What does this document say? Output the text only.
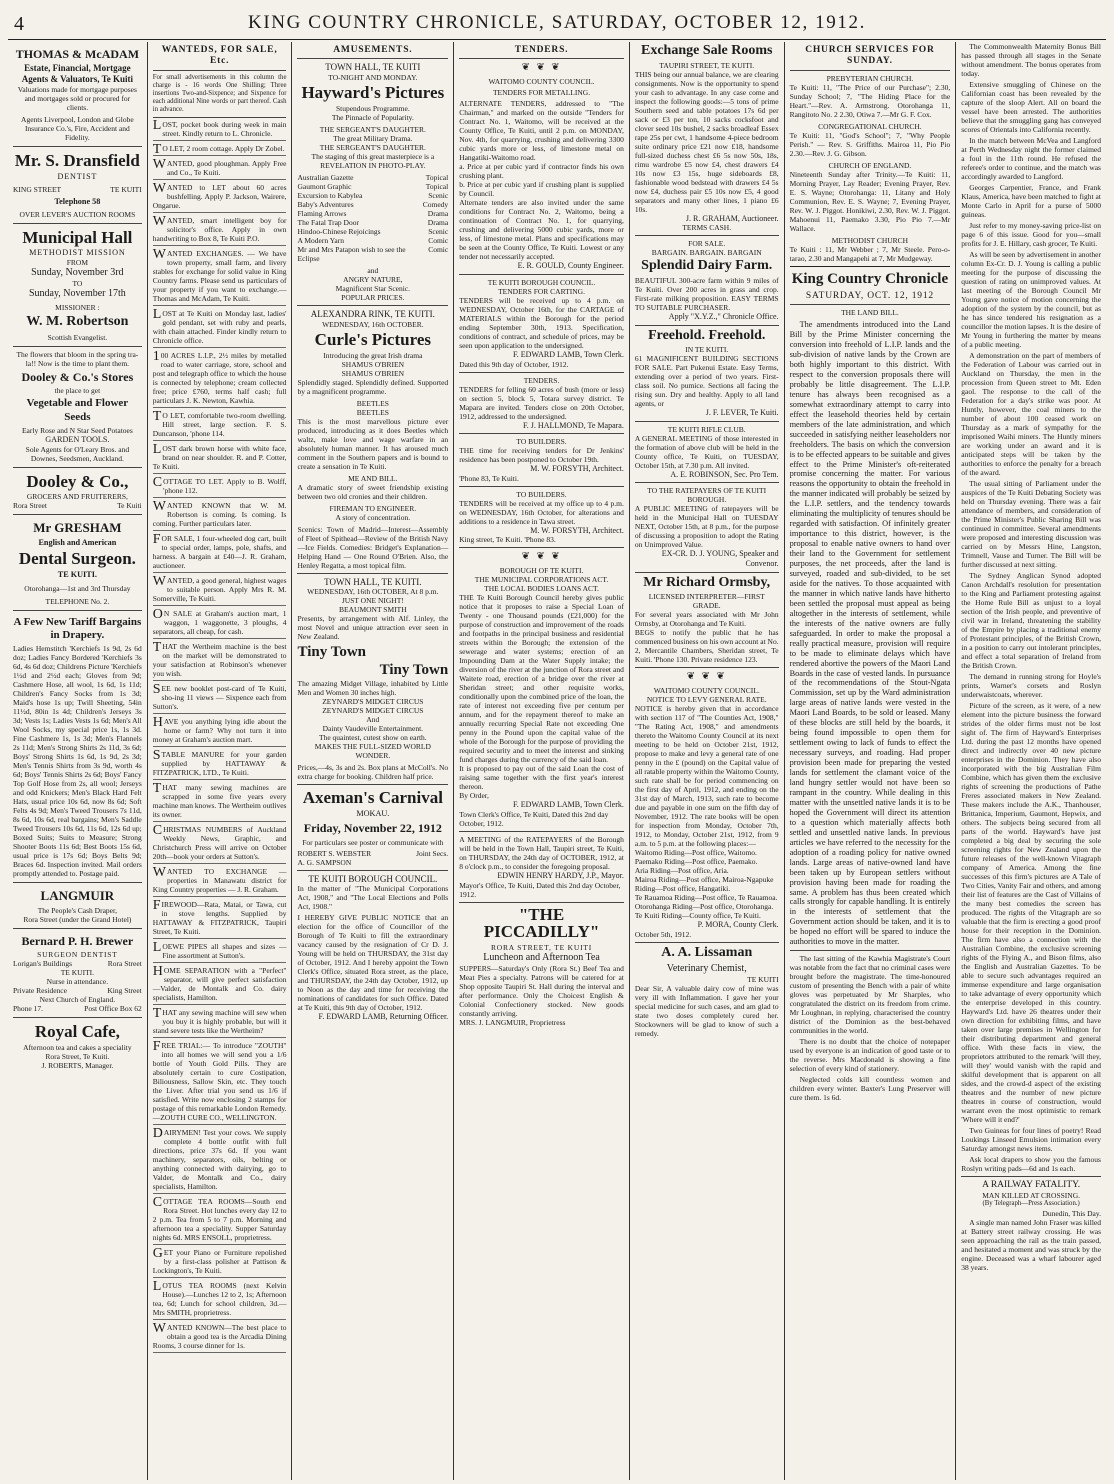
4	KING COUNTRY CHRONICLE, SATURDAY, OCTOBER 12, 1912.
THOMAS & McADAM
Estate, Financial, Mortgage Agents & Valuators, Te Kuiti
Valuations made for mortgage purposes and mortgages sold or procured for clients.
Agents Liverpool, London and Globe Insurance Co.'s, Fire, Accident and Fidelity.
Mr. S. Dransfield
DENTIST
KING STREET	TE KUITI
Telephone 58
OVER LEVER'S AUCTION ROOMS
Municipal Hall
METHODIST MISSION
FROM
Sunday, November 3rd
TO
Sunday, November 17th
MISSIONER :
W. M. Robertson
Scottish Evangelist.
The flowers that bloom in the spring tra-la!! Now is the time to plant them.
Dooley & Co.'s Stores
the place to get
Vegetable and Flower Seeds
Early Rose and N Star Seed Potatoes
GARDEN TOOLS.
Sole Agents for O'Leary Bros. and Downes, Seedsmen, Auckland.
Dooley & Co.,
GROCERS AND FRUITERERS,
Rora Street	Te Kuiti
Mr GRESHAM
English and American
Dental Surgeon.
TE KUITI.
Otorohanga—1st and 3rd Thursday
TELEPHONE No. 2.
A Few New Tariff Bargains in Drapery.
Ladies Hemstitch 'Kerchiefs 1s 9d, 2s 6d doz; Ladies Fancy Bordered 'Kerchiefs 3s 6d, 4s 6d doz; Childrens Picture 'Kerchiefs 1½d and 2½d each; Gloves from 9d; Cashmere Hose, all wool, 1s 6d, 1s 11d; Children's Fancy Socks from 1s 3d; Maid's hose 1s up; Twill Sheeting, 54in 11½d, 80in 1s 4d; Children's Jerseys 3s 3d; Vests 1s; Ladies Vests 1s 6d; Men's All Wool Socks, my special price 1s, 1s 3d. Fine Cashmere 1s, 1s 3d; Men's Flannels 2s 11d; Men's Strong Shirts 2s 11d, 3s 6d; Boys' Strong Shirts 1s 6d, 1s 9d, 2s 3d; Men's Tennis Shirts from 3s 9d, worth 4s 6d; Boys' Tennis Shirts 2s 6d; Boys' Fancy Top Golf Hose from 2s, all wool; Jerseys and odd Knickers; Men's Black Hard Felt Hats, usual price 10s 6d, now 8s 6d; Soft Felts 4s 9d; Men's Tweed Trousers 7s 11d, 8s 6d, 10s 6d, real bargains; Men's Saddle Tweed Trousers 10s 6d, 11s 6d, 12s 6d up; Boxed Suits; Suits to Measure; Strong Shooter Boots 11s 6d; Best Boots 15s 6d, usual price is 17s 6d; Boys Belts 9d; Braces 6d. Inspection invited. Mail orders promptly attended to. Postage paid.
LANGMUIR
The People's Cash Draper,
Rora Street (under the Grand Hotel)
Bernard P. H. Brewer
SURGEON DENTIST
Lorigan's Buildings	Rora Street
TE KUITI.
Nurse in attendance.
Private Residence	King Street
Next Church of England.
Phone 17.	Post Office Box 62
Royal Cafe,
Afternoon tea and cakes a speciality
Rora Street, Te Kuiti.
J. ROBERTS, Manager.
WANTEDS, FOR SALE, Etc.
For small advertisements in this column the charge is - 16 words One Shilling; Three insertions Two-and-Sixpence; and Sixpence for each additional Nine words or part thereof. Cash in advance.
LOST, pocket book during week in main street. Kindly return to L. Chronicle.
TO LET, 2 room cottage. Apply Dr Zobel.
WANTED, good ploughman. Apply Free and Co., Te Kuiti.
WANTED to LET about 60 acres bushfelling. Apply P. Jackson, Wairere, Ongarue.
WANTED, smart intelligent boy for solicitor's office. Apply in own handwriting to Box 8, Te Kuiti P.O.
WANTED EXCHANGES. — We have town property, small farm, and livery stables for exchange for solid value in King Country farms. Please send us particulars of your property if you want to exchange.— Thomas and McAdam, Te Kuiti.
LOST at Te Kuiti on Monday last, ladies' gold pendant, set with ruby and pearls, with chain attached. Finder kindly return to Chronicle office.
100 ACRES L.I.P., 2½ miles by metalled road to water carriage, store, school and post and telegraph office to which the house is connected by telephone; cream collected free; price £760, terms half cash; full particulars J. K. Newton, Kawhia.
TO LET, comfortable two-room dwelling. Hill street, large section. F. S. Duncanson, 'phone 114.
LOST dark brown horse with white face, brand on near shoulder. R. and P. Cotter, Te Kuiti.
COTTAGE TO LET. Apply to B. Wolff, 'phone 112.
WANTED KNOWN that W. M. Robertson is coming. Is coming. Is coming. Further particulars later.
FOR SALE, 1 four-wheeled dog cart, built to special order, lamps, pole, shafts, and harness. A bargain at £40—J. R. Graham, auctioneer.
WANTED, a good general, highest wages to suitable person. Apply Mrs R. M. Somerville, Te Kuiti.
ON SALE at Graham's auction mart, 1 waggon, 1 waggonette, 3 ploughs, 4 separators, all cheap, for cash.
THAT the Wertheim machine is the best on the market will be demonstrated to your satisfaction at Robinson's whenever you wish.
SEE new booklet post-card of Te Kuiti, sho-ing 11 views — Sixpence each from Sutton's.
HAVE you anything lying idle about the home or farm? Why not turn it into money at Graham's auction mart.
STABLE MANURE for your garden supplied by HATTAWAY & FITZPATRICK, LTD., Te Kuiti.
THAT many sewing machines are scrapped in some five years every machine man knows. The Wertheim outlives its owner.
CHRISTMAS NUMBERS of Auckland Weekly News, Graphic, and Christchurch Press will arrive on October 20th—book your orders at Sutton's.
WANTED TO EXCHANGE — properties in Manawatu district for King Country properties — J. R. Graham.
FIREWOOD—Rata, Matai, or Tawa, cut in stove lengths. Supplied by HATTAWAY & FITZPATRICK, Taupiri Street, Te Kuiti.
LOEWE PIPES all shapes and sizes —Fine assortment at Sutton's.
HOME SEPARATION with a "Perfect" separator, will give perfect satisfaction—Valder, de Montalk and Co. dairy specialists, Hamilton.
THAT any sewing machine will sew when you buy it is highly probable, but will it stand severe tests like the Wertheim?
FREE TRIAL:— To introduce "ZOUTH" into all homes we will send you a 1/6 bottle of Youth Gold Pills. They are absolutely certain to cure Costipation, Biliousness, Sallow Skin, etc. They touch the Liver. After trial you send us 1/6 if satisfied. Write now enclosing 2 stamps for postage of this remarkable London Remedy.—ZOUTH CURE CO., WELLINGTON.
DAIRYMEN! Test your cows. We supply complete 4 bottle outfit with full directions, price 37s 6d. If you want machinery, separators, oils, belting or anything connected with dairying, go to Valder, de Montalk and Co., dairy specialists, Hamilton.
COTTAGE TEA ROOMS—South end Rora Street. Hot lunches every day 12 to 2 p.m. Tea from 5 to 7 p.m. Morning and afternoon tea a speciality. Supper Saturday nights 6d. MRS ENSOLL, proprietress.
GET your Piano or Furniture repolished by a first-class polisher at Pattison & Lockington's, Te Kuiti.
LOTUS TEA ROOMS (next Kelvin House).—Lunches 12 to 2, 1s; Afternoon tea, 6d; Lunch for school children, 3d.—Mrs SMITH, proprietress.
WANTED KNOWN—The best place to obtain a good tea is the Arcadia Dining Rooms, 3 course dinner for 1s.
AMUSEMENTS.
TOWN HALL, TE KUITI
TO-NIGHT AND MONDAY.
Hayward's Pictures
Stupendous Programme.
The Pinnacle of Popularity.
THE SERGEANT'S DAUGHTER.
The great Military Drama.
THE SERGEANT'S DAUGHTER.
The staging of this great masterpiece is a
REVELATION IN PHOTO-PLAY.
Australian Gazette	Topical
Gaumont Graphic	Topical
Excursion to Kabylea	Scenic
Baby's Adventures	Comedy
Flaming Arrows	Drama
The Fatal Trap Door	Drama
Hindoo-Chinese Rejoicings	Scenic
A Modern Yarn	Comic
Mr and Mrs Patapon wish to see the Eclipse
Comic
and
ANGRY NATURE,
Magnificent Star Scenic.
POPULAR PRICES.
ALEXANDRA RINK, TE KUITI.
WEDNESDAY, 16th OCTOBER.
Curle's Pictures
Introducing the great Irish drama
SHAMUS O'BRIEN
SHAMUS O'BRIEN
Splendidly staged. Splendidly defined. Supported by a magnificent programme.
BEETLES
BEETLES
This is the most marvellous picture ever produced, introducing as it does Beetles which waltz, make love and wage warfare in an absolutely human manner. It has aroused much comment in the Southern papers and is bound to create a sensation in Te Kuiti.
ME AND BILL.
A dramatic story of sweet friendship existing between two old cronies and their children.
FIREMAN TO ENGINEER.
A story of concentration.
Scenics: Town of Madrid—Interest—Assembly of Fleet of Spithead—Review of the British Navy—Ice Fields. Comedies: Bridget's Explanation—Helping Hand — One Round O'Brien. Also, the Henley Regatta, a most topical film.
TOWN HALL, TE KUITI.
WEDNESDAY, 16th OCTOBER, At 8 p.m.
JUST ONE NIGHT!
BEAUMONT SMITH
Presents, by arrangement with Alf. Linley, the most Novel and unique attraction ever seen in New Zealand.
Tiny Town
Tiny Town
The amazing Midget Village, inhabited by Little Men and Women 30 inches high.
ZEYNARD'S MIDGET CIRCUS
ZEYNARD'S MIDGET CIRCUS
And
Dainty Vaudeville Entertainment.
The quaintest, cutest show on earth.
MAKES THE FULL-SIZED WORLD WONDER.
Prices,—4s, 3s and 2s. Box plans at McColl's. No extra charge for booking. Children half price.
Axeman's Carnival
MOKAU.
Friday, November 22, 1912
For particulars see poster or communicate with
ROBERT S. WEBSTER	Joint Secs.
A. G. SAMPSON
TE KUITI BOROUGH COUNCIL.
In the matter of "The Municipal Corporations Act, 1908," and "The Local Elections and Polls Act, 1908."
I HEREBY GIVE PUBLIC NOTICE that an election for the office of Councillor of the Borough of Te Kuiti to fill the extraordinary vacancy caused by the resignation of Cr D. J. Young will be held on THURSDAY, the 31st day of October, 1912. And I hereby appoint the Town Clerk's Office, situated Rora street, as the place, and THURSDAY, the 24th day October, 1912, up to Noon as the day and time for receiving the nominations of candidates for such Office. Dated at Te Kuiti, this 9th day of October, 1912.
F. EDWARD LAMB, Returning Officer.
TENDERS.
❦ ❦ ❦
WAITOMO COUNTY COUNCIL.
TENDERS FOR METALLING.
ALTERNATE TENDERS, addressed to "The Chairman," and marked on the outside "Tenders for Contract No. 1, Waitomo, will be received at the County Office, Te Kuiti, until 2 p.m. on MONDAY, Nov. 4th, for quarrying, crushing and delivering 3300 cubic yards more or less, of limestone metal on Hangatiki-Waitomo road.
a. Price at per cubic yard if contractor finds his own crushing plant.
b. Price at per cubic yard if crushing plant is supplied by Council.
Alternate tenders are also invited under the same conditions for Contract No. 2, Waitomo, being a continuation of Contract No. 1, for quarrying, crushing and delivering 5000 cubic yards, more or less, of limestone metal. Plans and specifications may be seen at the County Office, Te Kuiti. Lowest or any tender not necessarily accepted.
E. R. GOULD, County Engineer.
TE KUITI BOROUGH COUNCIL.
TENDERS FOR CARTING.
TENDERS will be received up to 4 p.m. on WEDNESDAY, October 16th, for the CARTAGE of MATERIALS within the Borough for the period ending September 30th, 1913. Specification, conditions of contract, and schedule of prices, may be seen upon application to the undersigned.
F. EDWARD LAMB, Town Clerk.
Dated this 9th day of October, 1912.
TENDERS.
TENDERS for felling 60 acres of bush (more or less) on section 5, block 5, Totara survey district. Te Mapara are invited. Tenders close on 20th October, 1912, addressed to the undersigned.
F. J. HALLMOND, Te Mapara.
TO BUILDERS.
THE time for receiving tenders for Dr Jenkins' residence has been postponed to October 19th.
M. W. FORSYTH, Architect.
'Phone 83, Te Kuiti.
TO BUILDERS.
TENDERS will be received at my office up to 4 p.m. on WEDNESDAY, 16th October, for alterations and additions to a residence in Tawa street.
M. W. FORSYTH, Architect.
King street, Te Kuiti. 'Phone 83.
❦ ❦ ❦
BOROUGH OF TE KUITI.
THE MUNICIPAL CORPORATIONS ACT.
THE LOCAL BODIES LOANS ACT.
THE Te Kuiti Borough Council hereby gives public notice that it proposes to raise a Special Loan of Twenty - one Thousand pounds (£21,000) for the purpose of construction and improvement of the roads and footpaths in the principal business and residential streets within the Borough; the extension of the sewerage and water systems; erection of an Impounding Dam at the Water Supply intake; the diversion of the river at the junction of Rora street and Waitete road, erection of a bridge over the river at Sheridan street; and other requisite works, conditionally upon the combined price of the loan, the rate of interest not exceeding five per centum per annum, and for the repayment thereof to make an annually recurring Special Rate not exceeding One penny in the Pound upon the capital value of the whole of the Borough for the purpose of providing the required security and to meet the interest and sinking fund charges during the currency of the said loan.
It is proposed to pay out of the said Loan the cost of raising same together with the first year's interest thereon.
By Order,
F. EDWARD LAMB, Town Clerk.
Town Clerk's Office, Te Kuiti, Dated this 2nd day October, 1912.
A MEETING of the RATEPAYERS of the Borough will be held in the Town Hall, Taupiri street, Te Kuiti, on THURSDAY, the 24th day of OCTOBER, 1912, at 8 o'clock p.m., to consider the foregoing proposal.
EDWIN HENRY HARDY, J.P., Mayor.
Mayor's Office, Te Kuiti, Dated this 2nd day October, 1912.
"THE PICCADILLY"
RORA STREET, TE KUITI
Luncheon and Afternoon Tea
SUPPERS—Saturday's Only (Rora St.) Beef Tea and Meat Pies a specialty. Patrons will be catered for at Shop opposite Taupiri St. Hall during the interval and after performance. Only the Choicest English & Colonial Confectionery stocked. New goods constantly arriving.
MRS. J. LANGMUIR, Proprietress
Exchange Sale Rooms
TAUPIRI STREET, TE KUITI.
THIS being our annual balance, we are clearing consignments. Now is the opportunity to spend your cash to advantage. In any case come and inspect the following goods:—5 tons of prime Southern seed and table potatoes 17s 6d per sack or £3 per ton, 10 sacks cocksfoot and clover seed 10s bushel, 2 sacks broadleaf Essex rape 25s per cwt, 1 handsome 4-piece bedroom suite ordinary price £21 now £18, handsome full-sized duchess chest £6 5s now 50s, 18s, rimu wardrobe £5 now £4, chest drawers £4 10s now £3 15s, huge sideboards £8, fashionable wood bedstead with drawers £4 5s now £4, duchess pair £5 10s now £5, 4 good separators and many other lines, 1 piano £6 10s.
J. R. GRAHAM, Auctioneer.
TERMS CASH.
FOR SALE.
BARGAIN. BARGAIN. BARGAIN
Splendid Dairy Farm.
BEAUTIFUL 300-acre farm within 9 miles of Te Kuiti. Over 200 acres in grass and crop. First-rate milking proposition. EASY TERMS TO SUITABLE PURCHASER.
Apply "X.Y.Z.," Chronicle Office.
Freehold. Freehold.
IN TE KUITI.
61 MAGNIFICENT BUILDING SECTIONS FOR SALE. Part Pukenui Estate. Easy Terms, extending over a period of two years. First-class soil. No pumice. Sections all facing the rising sun. Dry and healthy. Apply to all land agents, or
J. F. LEVER, Te Kuiti.
TE KUITI RIFLE CLUB.
A GENERAL MEETING of those interested in the formation of above club will be held in the County office, Te Kuiti, on TUESDAY, October 15th, at 7.30 p.m. All invited.
A. E. ROBINSON, Sec. Pro Tem.
TO THE RATEPAYERS OF TE KUITI BOROUGH.
A PUBLIC MEETING of ratepayers will be held in the Municipal Hall on TUESDAY NEXT, October 15th, at 8 p.m., for the purpose of discussing a proposition to adopt the Rating on Unimproved Value.
EX-CR. D. J. YOUNG, Speaker and Convenor.
Mr Richard Ormsby,
LICENSED INTERPRETER—FIRST GRADE.
For several years associated with Mr John Ormsby, at Otorohanga and Te Kuiti.
BEGS to notify the public that he has commenced business on his own account at No. 2, Mercantile Chambers, Sheridan street, Te Kuiti. 'Phone 130. Private residence 123.
❦ ❦ ❦
WAITOMO COUNTY COUNCIL.
NOTICE TO LEVY GENERAL RATE.
NOTICE is hereby given that in accordance with section 117 of "The Counties Act, 1908," "The Rating Act, 1908," and amendments thereto the Waitomo County Council at its next meeting to be held on October 21st, 1912, propose to make and levy a general rate of one penny in the £ (pound) on the Capital value of all ratable property within the Waitomo County, such rate shall be for period commencing on the first day of April, 1912, and ending on the 31st day of March, 1913, such rate to become due and payable in one sum on the fifth day of November, 1912. The rate books will be open for inspection from Monday, October 7th, 1912, to Monday, October 21st, 1912, from 9 a.m. to 5 p.m. at the following places:—
Waitomo Riding—Post office, Waitomo.
Paemako Riding—Post office, Paemako.
Aria Riding—Post office, Aria.
Mairoa Riding—Post office, Mairoa-Ngapuke Riding—Post office, Hangatiki.
Te Rauamoa Riding—Post office, Te Rauamoa.
Otorohanga Riding—Post office, Otorohanga.
Te Kuiti Riding—County office, Te Kuiti.
P. MORA, County Clerk.
October 5th, 1912.
A. A. Lissaman
Veterinary Chemist,
TE KUITI
Dear Sir, A valuable dairy cow of mine was very ill with Inflammation. I gave her your special medicine for such cases, and am glad to state two doses completely cured her. Stockowners will be glad to know of such a remedy.
CHURCH SERVICES FOR SUNDAY.
PREBYTERIAN CHURCH.
Te Kuiti: 11, "The Price of our Purchase"; 2.30, Sunday School; 7, "The Hiding Place for the Heart."—Rev. A. Armstrong. Otorohanga 11, Rangitoto No. 2 2.30, Otiwa 7.—Mr G. F. Cox.
CONGREGATIONAL CHURCH.
Te Kuiti: 11, "God's School"; 7, "Why People Perish." — Rev. S. Griffiths. Mairoa 11, Pio Pio 2.30.—Rev. J. G. Gibson.
CHURCH OF ENGLAND.
Nineteenth Sunday after Trinity.—Te Kuiti: 11, Morning Prayer, Lay Reader; Evening Prayer, Rev. E. S. Wayne; Otorohanga: 11, Litany and Holy Communion, Rev. E. S. Wayne; 7, Evening Prayer, Rev. W. J. Piggot. Honikiwi, 2.30, Rev. W. J. Piggot. Mahoenui 11, Paemako 3.30, Pio Pio 7.—Mr Wallace.
METHODIST CHURCH
Te Kuiti : 11, Mr Webber ; 7, Mr Steele. Pero-o-tarao, 2.30 and Mangapehi at 7, Mr Mudgeway.
King Country Chronicle
SATURDAY, OCT. 12, 1912
THE LAND BILL.
The amendments introduced into the Land Bill by the Prime Minister concerning the conversion into freehold of L.I.P. lands and the sub-division of native lands by the Crown are both highly important to this district. With respect to the conversion proposals there will probably be little disagreement. The L.I.P. tenure has always been recognised as a somewhat extraordinary attempt to carry into effect the leasehold theories held by certain members of the late administration, and which succeeded in satisfying neither leaseholders nor freeholders. The basis on which the conversion is to be effected appears to be suitable and gives effect to the Prime Minister's oft-reiterated promise concerning the matter. For various reasons the opportunity to obtain the freehold in the manner indicated will probably be seized by the L.I.P. settlers, and the tendency towards eliminating the multiplicity of tenures should be regarded with satisfaction. Of infinitely greater importance to this district, however, is the proposal to enable native owners to hand over their land to the Government for settlement purposes, the net proceeds, after the land is surveyed, roaded and sub-divided, to be set aside for the natives. To those acquainted with the manner in which native lands have hitherto been settled the proposal must appeal as being altogether in the interests of settlement, while the interests of the native owners are fully safeguarded. In order to make the proposal a really practical measure, provision will require to be made to eliminate delays which have rendered abortive the powers of the Maori Land Boards in the case of vested lands. In pursuance of the recommendations of the Stout-Ngata Commission, set up by the Ward administration large areas of native lands were vested in the Maori Land Boards, to be sold or leased. Many of these blocks are still held by the boards, it being found impossible to open them for settlement owing to lack of funds to effect the necessary surveys, and roading. Had proper provision been made for preparing the vested lands for settlement the clamant voice of the land hungry settler would not have been so rampant in the country. While dealing in this matter with the unsettled native lands it is to be hoped the Government will direct its attention to a question which materially affects both settled and unsettled native lands. In previous articles we have referred to the necessity for the adoption of a roading policy for native owned lands. Large areas of native-owned land have been taken up by European settlers without provision having been made for roading the same. A problem has thus been created which calls strongly for capable handling. It is entirely in the interests of settlement that the Government action should be taken, and it is to be hoped no effort will be spared to induce the authorities to move in the matter.
The last sitting of the Kawhia Magistrate's Court was notable from the fact that no criminal cases were brought before the magistrate. The time-honoured custom of presenting the Bench with a pair of white gloves was perpetuated by Mr Sharples, who congratulated the district on its freedom from crime. Mr Loughnan, in replying, characterised the country district of the Dominion as the best-behaved communities in the world.
There is no doubt that the choice of notepaper used by everyone is an indication of good taste or to the reverse. Mrs Macdonald is showing a fine selection of every kind of stationery.
Neglected colds kill countless women and children every winter. Baxter's Lung Preserver will cure them. 1s 6d.
The Commonwealth Maternity Bonus Bill has passed through all stages in the Senate without amendment. The bonus operates from today.
Extensive smuggling of Chinese on the Californian coast has been revealed by the capture of the sloop Alert. All on board the vessel have been arrested. The authorities believe that the smuggling gang has conveyed scores of Orientals into California recently.
In the match between McVea and Langford at Perth Wednesday night the former claimed a foul in the 11th round. He refused the referee's order to continue, and the match was accordingly awarded to Langford.
Georges Carpentier, France, and Frank Klaus, America, have been matched to fight at Monte Carlo in April for a purse of 5000 guineas.
Just refer to my money-saving price-list on page 6 of this issue. Good for you—small profits for J. E. Hillary, cash grocer, Te Kuiti.
As will be seen by advertisement in another column Ex-Cr. D. J. Young is calling a public meeting for the purpose of discussing the question of rating on unimproved values. At last meeting of the Borough Council Mr Young gave notice of motion concerning the adoption of the system by the council, but as he has since tendered his resignation as a councillor the motion lapses. It is the desire of Mr Young in furthering the matter by means of a public meeting.
A demonstration on the part of members of the Federation of Labour was carried out in Auckland on Thursday, the men in the procession from Queen street to Mt. Eden gaol. The response to the call of the Federation for a day's strike was poor. At Huntly, however, the coal miners to the number of about 100 ceased work on Thursday as a mark of sympathy for the imprisoned Waihi miners. The Huntly miners are working under an award and it is anticipated steps will be taken by the authorities to enforce the penalty for a breach of the award.
The usual sitting of Parliament under the auspices of the Te Kuiti Debating Society was held on Thursday evening. There was a fair attendance of members, and consideration of the Prime Minister's Public Sharing Bill was continued in committee. Several amendments were proposed and interesting discussion was carried on by Messrs Hine, Langston, Trimnell, Vause and Turner. The Bill will be further discussed at next sitting.
The Sydney Anglican Synod adopted Canon Archdall's resolution for presentation to the King and Parliament protesting against the Home Rule Bill as unjust to a loyal section of the Irish people, and preventive of civil war in Ireland, threatening the stability of the Empire by placing a traditional enemy of Protestant principles, of the British Crown, in a position to carry out intolerant principles, and effect a total separation of Ireland from the British Crown.
The demand in running strong for Hoyle's prints, Warner's corsets and Roslyn underwaistcoats, wherever.
Picture of the screen, as it were, of a new element into the picture business the forward strides of the older firms must not be lost sight of. The firm of Hayward's Enterprises Ltd. during the past 12 months have opened direct and indirectly over 40 new picture enterprises in the Dominion. They have also incorporated with the big Australian Film Combine, which has given them the exclusive rights of screening the productions of Pathe Freres associated makers in New Zealand. These makers include the A.K., Thanhouser, Brittanica, Imperium, Gaumont, Hepwix, and others. The subjects being secured from all parts of the world. Hayward's have just completed a big deal by securing the sole screening rights for New Zealand upon the future releases of the well-known Vitagraph company of America. Among the fine successes of this firm's pictures are A Tale of Two Cities, Vanity Fair and others, and among their list of features are the Cast of Villains of the many best comedies the screen has produced. The rights of the Vitagraph are so valuable that the firm is erecting a good proof house for their reception in the Dominion. The firm have also a connection with the Australian Combine, the exclusive screening rights of the Flying A., and Bison films, also the English and Australian Gazettes. To be able to secure such advantages required an immense expenditure and large organisation to take advantage of every opportunity which the enterprise developed in this country. Hayward's Ltd. have 26 theatres under their own direction for exhibiting films, and have taken over large premises in Wellington for their distributing department and general office. With these facts in view, the proprietors attributed to the remark 'will they, will they' would vanish with the rapid and skilful development that is apparent on all sides, and the crowd-d aspect of the existing theatres and the number of new picture theatres in course of construction, would warrant even the most optimistic to remark 'Where will it end?'
Two Guineas for four lines of poetry! Read Loukings Linseed Emulsion intimation every Saturday amongst news items.
Ask local drapers to show you the famous Roslyn writing pads—6d and 1s each.
A RAILWAY FATALITY.
MAN KILLED AT CROSSING.
(By Telegraph—Press Association.)
Dunedin, This Day.
A single man named John Fraser was killed at Battery street railway crossing. He was seen approaching the rail as the train passed, and hesitated a moment and was struck by the engine. Deceased was a wharf labourer aged 38 years.
